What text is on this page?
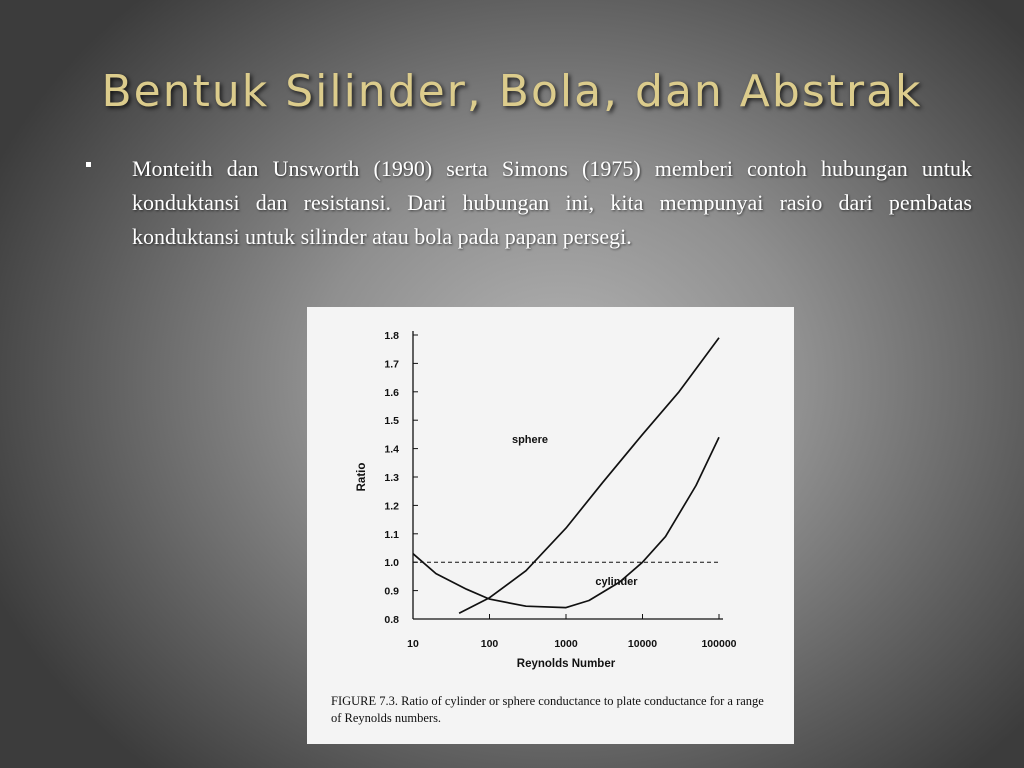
Bentuk Silinder, Bola, dan Abstrak
Monteith dan Unsworth (1990) serta Simons (1975) memberi contoh hubungan untuk konduktansi dan resistansi. Dari hubungan ini, kita mempunyai rasio dari pembatas konduktansi untuk silinder atau bola pada papan persegi.
0.8
0.9
1.0
1.1
1.2
1.3
1.4
1.5
1.6
1.7
1.8
10	100	1000	10000	100000
Reynolds Number
Ratio
sphere
cylinder
FIGURE 7.3. Ratio of cylinder or sphere conductance to plate conductance for a range of Reynolds numbers.
